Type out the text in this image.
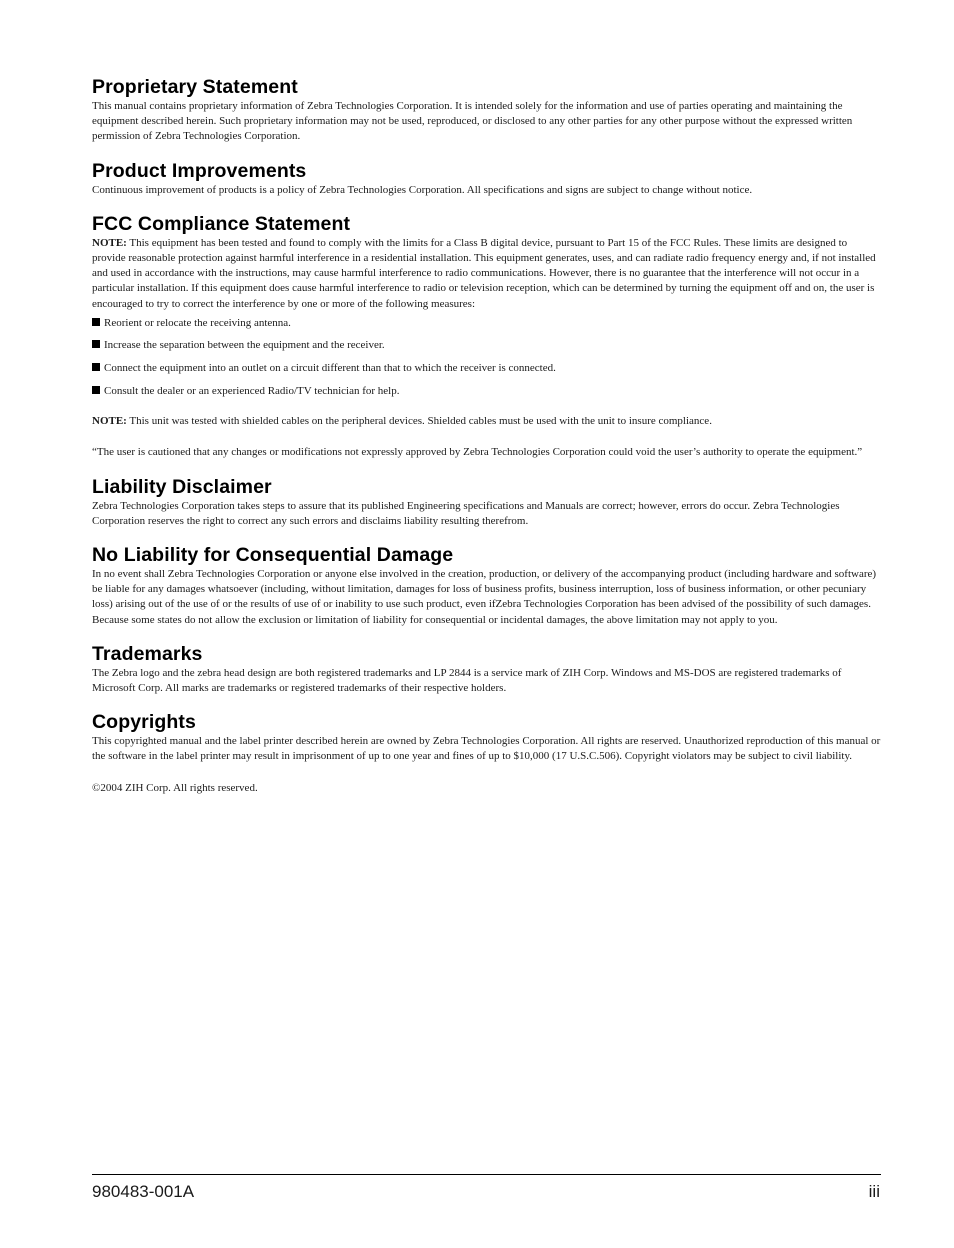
Proprietary Statement

This manual contains proprietary information of Zebra Technologies Corporation. It is intended solely for the information and use of parties operating and maintaining the equipment described herein. Such proprietary information may not be used, reproduced, or disclosed to any other parties for any other purpose without the expressed written permission of Zebra Technologies Corporation.

Product Improvements

Continuous improvement of products is a policy of Zebra Technologies Corporation. All specifications and signs are subject to change without notice.

FCC Compliance Statement

NOTE: This equipment has been tested and found to comply with the limits for a Class B digital device, pursuant to Part 15 of the FCC Rules. These limits are designed to provide reasonable protection against harmful interference in a residential installation. This equipment generates, uses, and can radiate radio frequency energy and, if not installed and used in accordance with the instructions, may cause harmful interference to radio communications. However, there is no guarantee that the interference will not occur in a particular installation. If this equipment does cause harmful interference to radio or television reception, which can be determined by turning the equipment off and on, the user is encouraged to try to correct the interference by one or more of the following measures:

Reorient or relocate the receiving antenna.
Increase the separation between the equipment and the receiver.
Connect the equipment into an outlet on a circuit different than that to which the receiver is connected.
Consult the dealer or an experienced Radio/TV technician for help.

NOTE: This unit was tested with shielded cables on the peripheral devices. Shielded cables must be used with the unit to insure compliance.

“The user is cautioned that any changes or modifications not expressly approved by Zebra Technologies Corporation could void the user’s authority to operate the equipment.”

Liability Disclaimer

Zebra Technologies Corporation takes steps to assure that its published Engineering specifications and Manuals are correct; however, errors do occur. Zebra Technologies Corporation reserves the right to correct any such errors and disclaims liability resulting therefrom.

No Liability for Consequential Damage

In no event shall Zebra Technologies Corporation or anyone else involved in the creation, production, or delivery of the accompanying product (including hardware and software) be liable for any damages whatsoever (including, without limitation, damages for loss of business profits, business interruption, loss of business information, or other pecuniary loss) arising out of the use of or the results of use of or inability to use such product, even ifZebra Technologies Corporation has been advised of the possibility of such damages. Because some states do not allow the exclusion or limitation of liability for consequential or incidental damages, the above limitation may not apply to you.

Trademarks

The Zebra logo and the zebra head design are both registered trademarks and LP 2844 is a service mark of ZIH Corp. Windows and MS-DOS are registered trademarks of Microsoft Corp. All marks are trademarks or registered trademarks of their respective holders.

Copyrights

This copyrighted manual and the label printer described herein are owned by Zebra Technologies Corporation. All rights are reserved. Unauthorized reproduction of this manual or the software in the label printer may result in imprisonment of up to one year and fines of up to $10,000 (17 U.S.C.506). Copyright violators may be subject to civil liability.

©2004 ZIH Corp. All rights reserved.

980483-001A	iii
